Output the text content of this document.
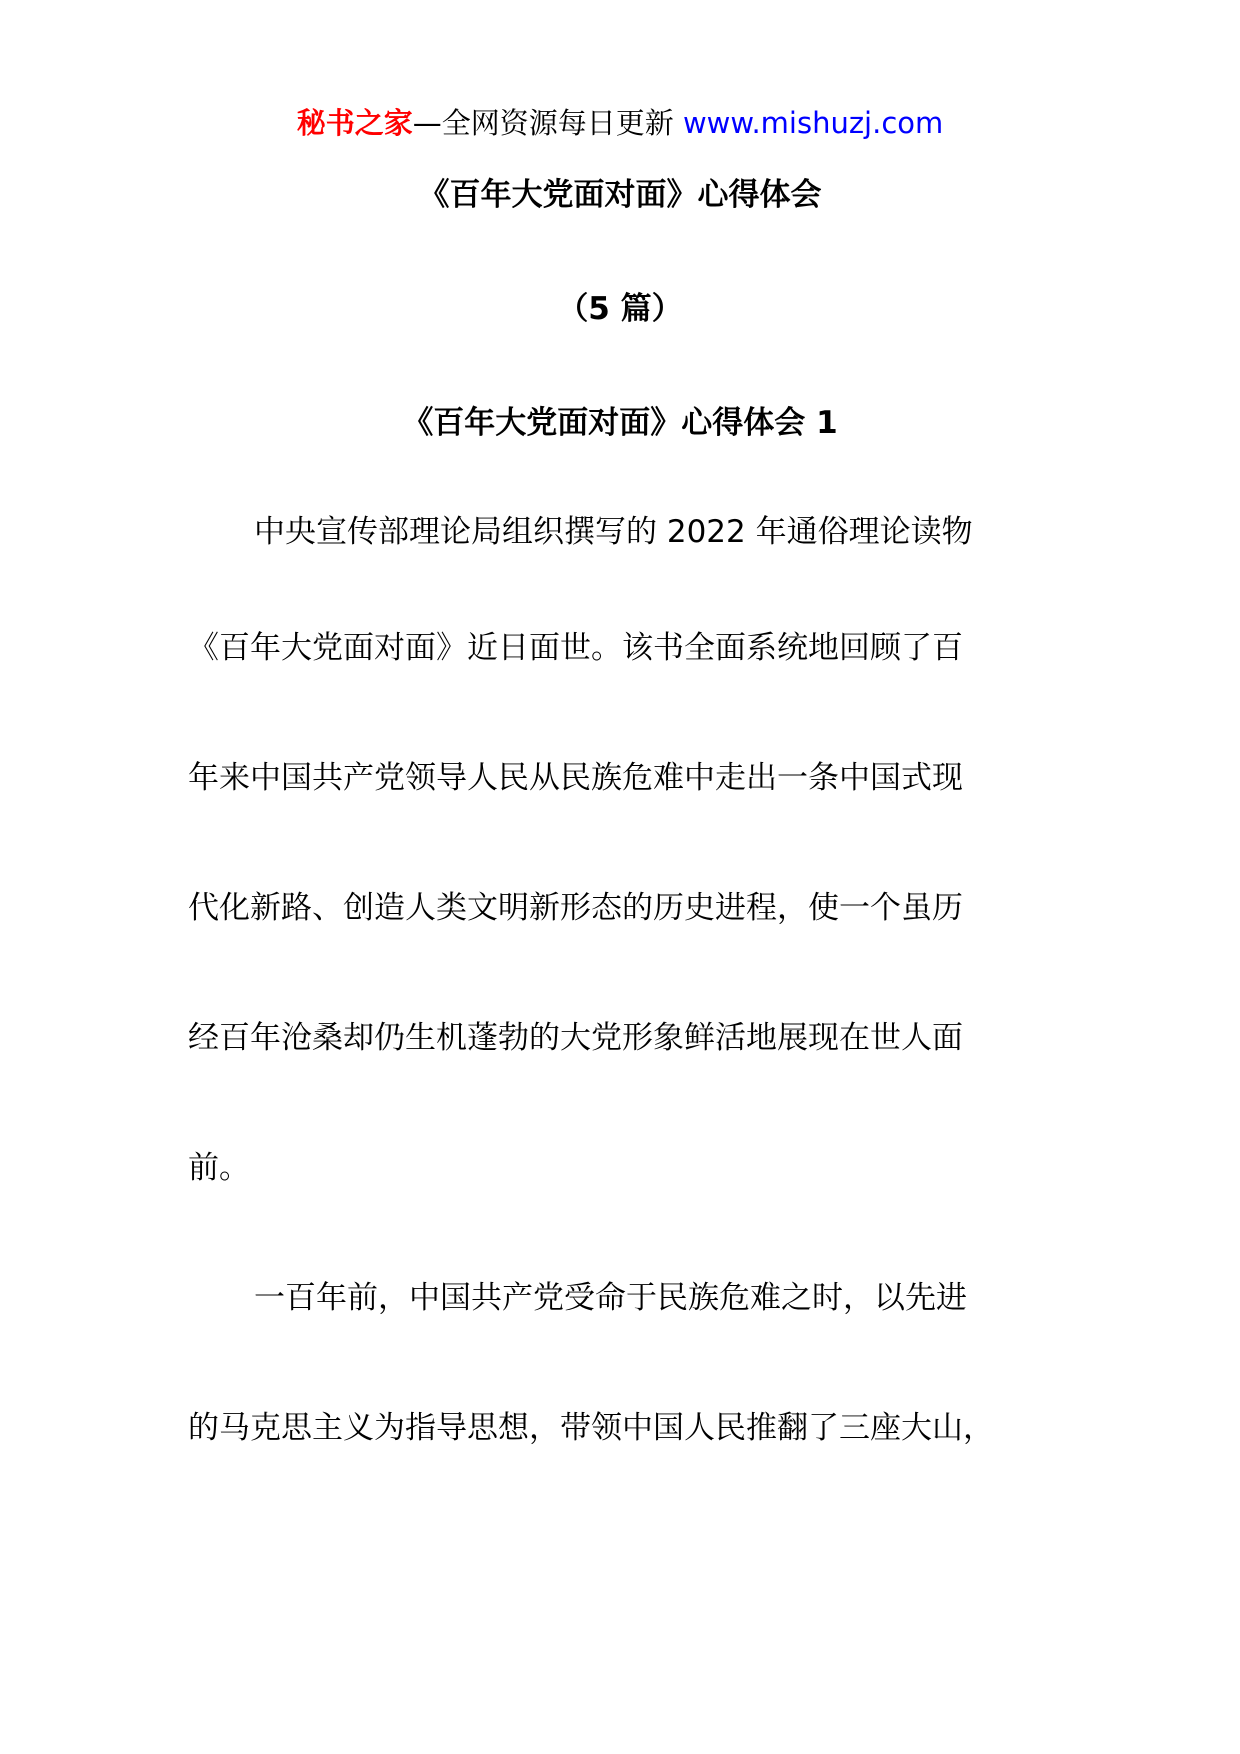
秘书之家—全网资源每日更新 www.mishuzj.com
《百年大党面对面》心得体会
（5 篇）
《百年大党面对面》心得体会 1
中央宣传部理论局组织撰写的 2022 年通俗理论读物
《百年大党面对面》近日面世。该书全面系统地回顾了百
年来中国共产党领导人民从民族危难中走出一条中国式现
代化新路、创造人类文明新形态的历史进程，使一个虽历
经百年沧桑却仍生机蓬勃的大党形象鲜活地展现在世人面
前。
一百年前，中国共产党受命于民族危难之时，以先进
的马克思主义为指导思想，带领中国人民推翻了三座大山，
